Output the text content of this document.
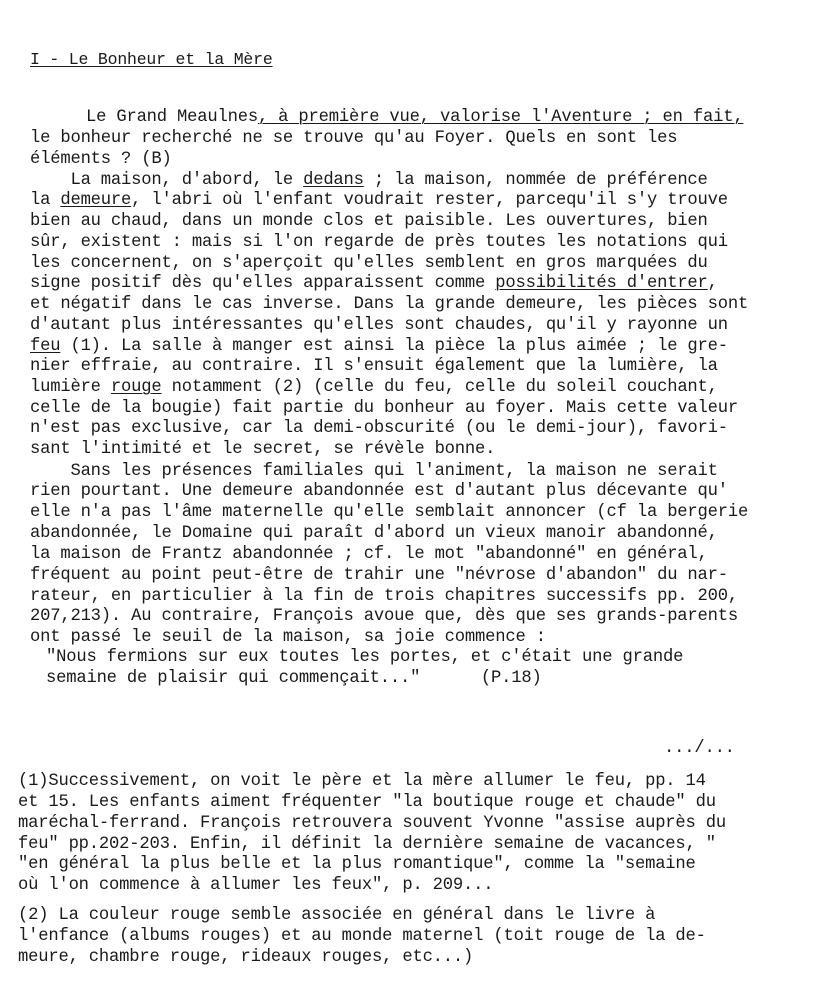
I - Le Bonheur et la Mère
Le Grand Meaulnes, à première vue, valorise l'Aventure ; en fait,
le bonheur recherché ne se trouve qu'au Foyer. Quels en sont les
éléments ? (B)
La maison, d'abord, le dedans ; la maison, nommée de préférence
la demeure, l'abri où l'enfant voudrait rester, parcequ'il s'y trouve
bien au chaud, dans un monde clos et paisible. Les ouvertures, bien
sûr, existent : mais si l'on regarde de près toutes les notations qui
les concernent, on s'aperçoit qu'elles semblent en gros marquées du
signe positif dès qu'elles apparaissent comme possibilités d'entrer,
et négatif dans le cas inverse. Dans la grande demeure, les pièces sont
d'autant plus intéressantes qu'elles sont chaudes, qu'il y rayonne un
feu (1). La salle à manger est ainsi la pièce la plus aimée ; le gre-
nier effraie, au contraire. Il s'ensuit également que la lumière, la
lumière rouge notamment (2) (celle du feu, celle du soleil couchant,
celle de la bougie) fait partie du bonheur au foyer. Mais cette valeur
n'est pas exclusive, car la demi-obscurité (ou le demi-jour), favori-
sant l'intimité et le secret, se révèle bonne.
Sans les présences familiales qui l'animent, la maison ne serait
rien pourtant. Une demeure abandonnée est d'autant plus décevante qu'
elle n'a pas l'âme maternelle qu'elle semblait annoncer (cf la bergerie
abandonnée, le Domaine qui paraît d'abord un vieux manoir abandonné,
la maison de Frantz abandonnée ; cf. le mot "abandonné" en général,
fréquent au point peut-être de trahir une "névrose d'abandon" du nar-
rateur, en particulier à la fin de trois chapitres successifs pp. 200,
207,213). Au contraire, François avoue que, dès que ses grands-parents
ont passé le seuil de la maison, sa joie commence :
"Nous fermions sur eux toutes les portes, et c'était une grande
semaine de plaisir qui commençait..."      (P.18)
.../...
(1)Successivement, on voit le père et la mère allumer le feu, pp. 14
et 15. Les enfants aiment fréquenter "la boutique rouge et chaude" du
maréchal-ferrand. François retrouvera souvent Yvonne "assise auprès du
feu" pp.202-203. Enfin, il définit la dernière semaine de vacances, "
"en général la plus belle et la plus romantique", comme la "semaine
où l'on commence à allumer les feux", p. 209...
(2) La couleur rouge semble associée en général dans le livre à
l'enfance (albums rouges) et au monde maternel (toit rouge de la de-
meure, chambre rouge, rideaux rouges, etc...)
